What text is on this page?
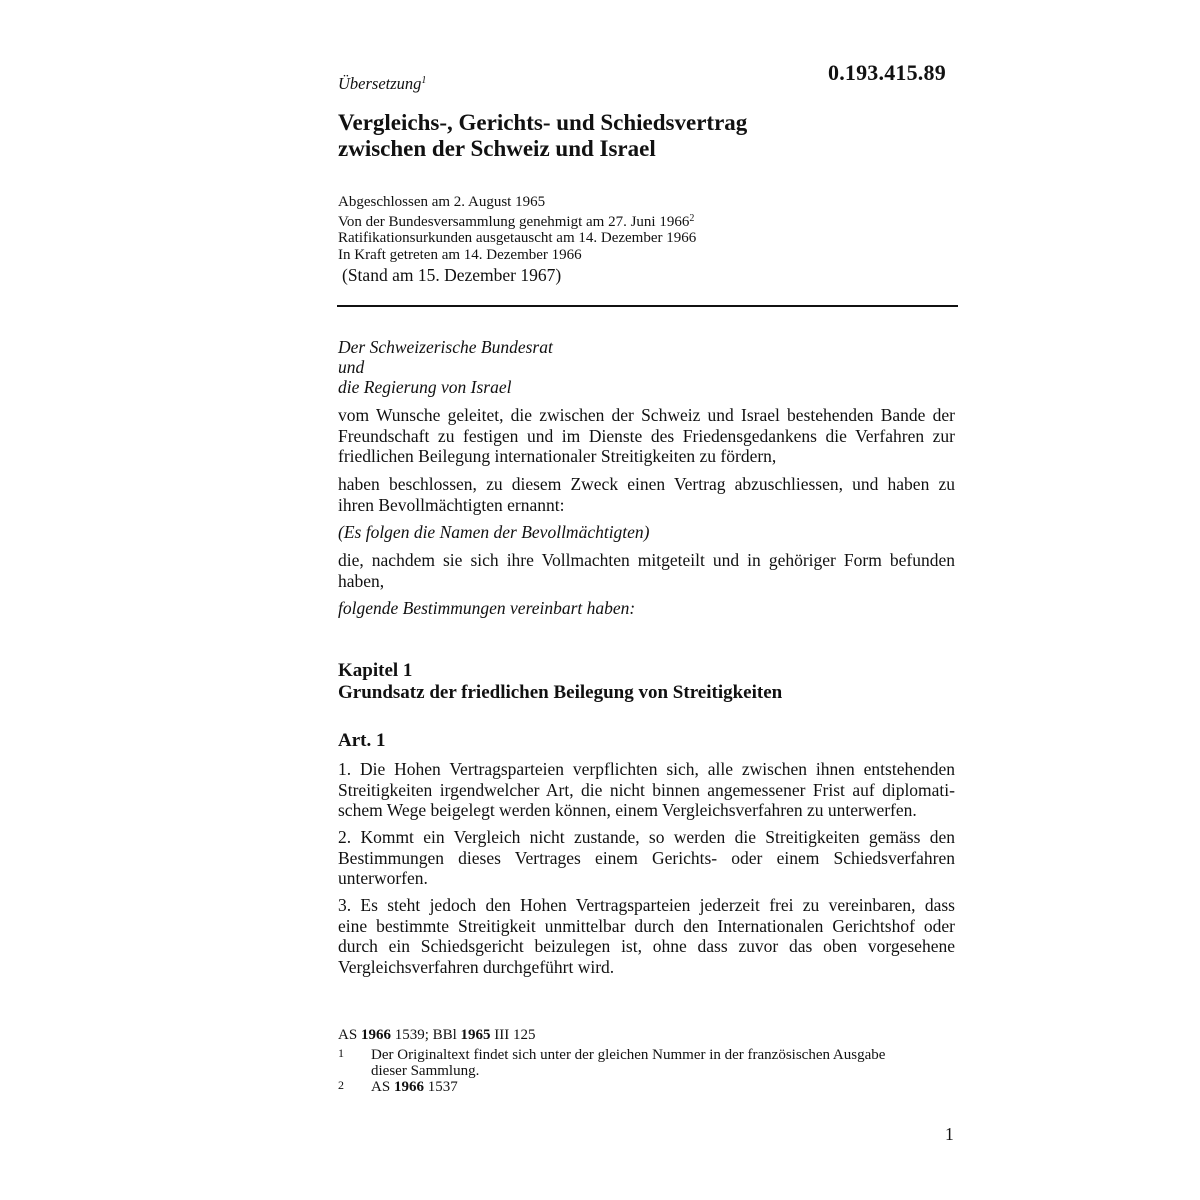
0.193.415.89
Übersetzung$^1$
Vergleichs-, Gerichts- und Schiedsvertrag
zwischen der Schweiz und Israel
Abgeschlossen am 2. August 1965
Von der Bundesversammlung genehmigt am 27. Juni 1966$^2$
Ratifikationsurkunden ausgetauscht am 14. Dezember 1966
In Kraft getreten am 14. Dezember 1966
(Stand am 15. Dezember 1967)
Der Schweizerische Bundesrat
und
die Regierung von Israel
vom Wunsche geleitet, die zwischen der Schweiz und Israel bestehenden Bande der
Freundschaft zu festigen und im Dienste des Friedensgedankens die Verfahren zur
friedlichen Beilegung internationaler Streitigkeiten zu fördern,
haben beschlossen, zu diesem Zweck einen Vertrag abzuschliessen, und haben zu
ihren Bevollmächtigten ernannt:
(Es folgen die Namen der Bevollmächtigten)
die, nachdem sie sich ihre Vollmachten mitgeteilt und in gehöriger Form befunden
haben,
folgende Bestimmungen vereinbart haben:
Kapitel 1
Grundsatz der friedlichen Beilegung von Streitigkeiten
Art. 1
1. Die Hohen Vertragsparteien verpflichten sich, alle zwischen ihnen entstehenden
Streitigkeiten irgendwelcher Art, die nicht binnen angemessener Frist auf diplomati-
schem Wege beigelegt werden können, einem Vergleichsverfahren zu unterwerfen.
2. Kommt ein Vergleich nicht zustande, so werden die Streitigkeiten gemäss den
Bestimmungen dieses Vertrages einem Gerichts- oder einem Schiedsverfahren
unterworfen.
3. Es steht jedoch den Hohen Vertragsparteien jederzeit frei zu vereinbaren, dass
eine bestimmte Streitigkeit unmittelbar durch den Internationalen Gerichtshof oder
durch ein Schiedsgericht beizulegen ist, ohne dass zuvor das oben vorgesehene
Vergleichsverfahren durchgeführt wird.
AS 1966 1539; BBl 1965 III 125
1 Der Originaltext findet sich unter der gleichen Nummer in der französischen Ausgabe
dieser Sammlung.
2 AS 1966 1537
1
